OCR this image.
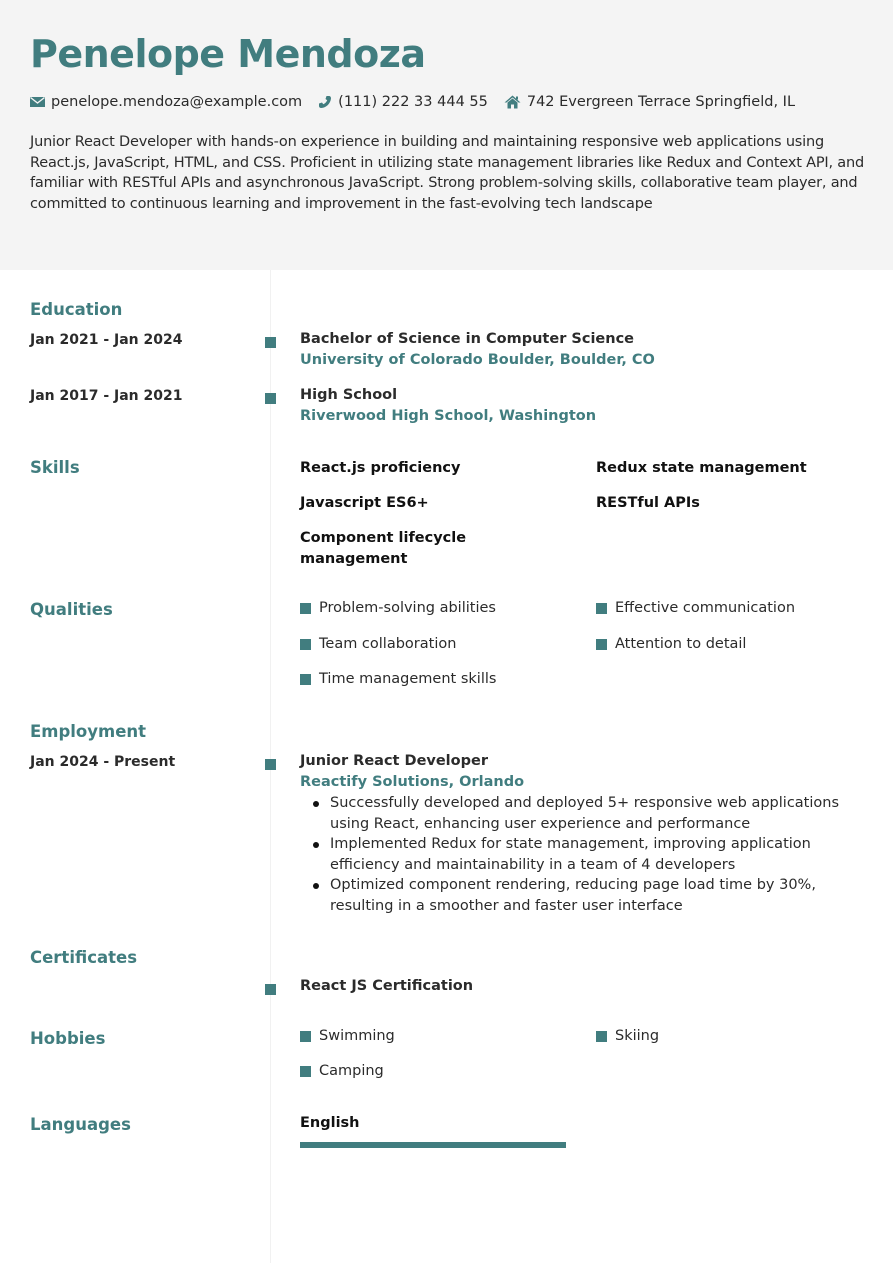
Penelope Mendoza
penelope.mendoza@example.com (111) 222 33 444 55	742 Evergreen Terrace Springfield, IL
Junior React Developer with hands-on experience in building and maintaining responsive web applications using React.js, JavaScript, HTML, and CSS. Proficient in utilizing state management libraries like Redux and Context API, and familiar with RESTful APIs and asynchronous JavaScript. Strong problem-solving skills, collaborative team player, and committed to continuous learning and improvement in the fast-evolving tech landscape
Education
Jan 2021 - Jan 2024	Bachelor of Science in Computer Science
University of Colorado Boulder, Boulder, CO
Jan 2017 - Jan 2021	High School
Riverwood High School, Washington
Skills	React.js proficiency	Redux state management
Javascript ES6+	RESTful APIs
Component lifecycle management
Qualities	Problem-solving abilities	Effective communication
Team collaboration	Attention to detail
Time management skills
Employment
Jan 2024 - Present	Junior React Developer
Reactify Solutions, Orlando
Successfully developed and deployed 5+ responsive web applications using React, enhancing user experience and performance
Implemented Redux for state management, improving application efficiency and maintainability in a team of 4 developers
Optimized component rendering, reducing page load time by 30%, resulting in a smoother and faster user interface
Certificates
React JS Certification
Hobbies	Swimming	Skiing
Camping
Languages	English
